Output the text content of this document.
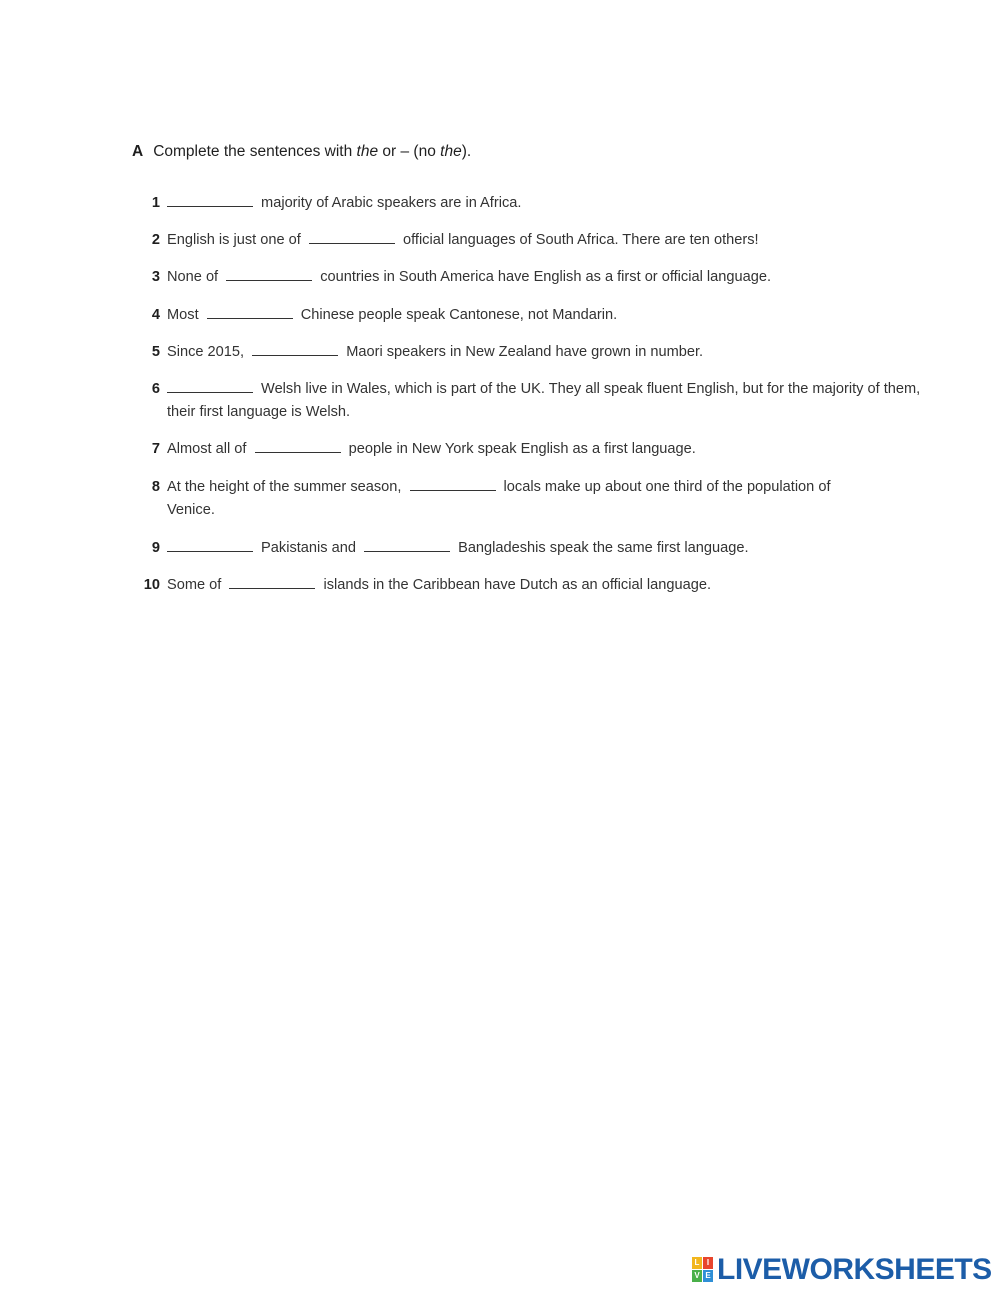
A Complete the sentences with the or – (no the).
1	majority of Arabic speakers are in Africa.
2 English is just one of	official languages of South Africa. There are ten others!
3 None of	countries in South America have English as a first or official language.
4 Most	Chinese people speak Cantonese, not Mandarin.
5 Since 2015,	Maori speakers in New Zealand have grown in number.
6	Welsh live in Wales, which is part of the UK. They all speak fluent English, but for the majority of them, their first language is Welsh.
7 Almost all of	people in New York speak English as a first language.
8 At the height of the summer season,	locals make up about one third of the population of Venice.
9	Pakistanis and	Bangladeshis speak the same first language.
10 Some of	islands in the Caribbean have Dutch as an official language.
L I
V E LIVEWORKSHEETS
